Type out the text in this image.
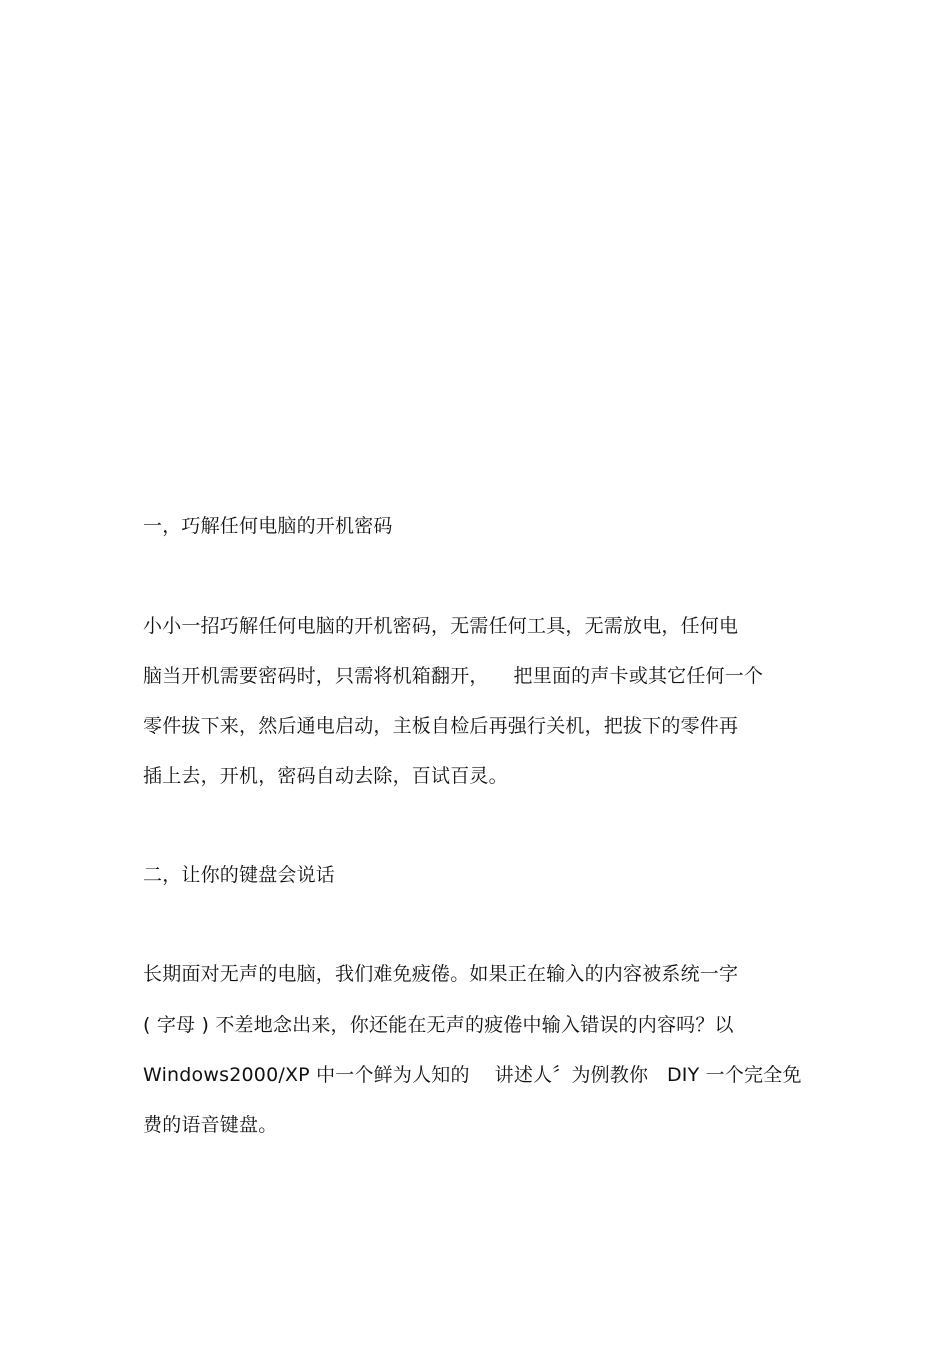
一，巧解任何电脑的开机密码
小小一招巧解任何电脑的开机密码，无需任何工具，无需放电，任何电
脑当开机需要密码时，只需将机箱翻开，    把里面的声卡或其它任何一个
零件拔下来，然后通电启动，主板自检后再强行关机，把拔下的零件再
插上去，开机，密码自动去除，百试百灵。
二，让你的键盘会说话
长期面对无声的电脑，我们难免疲倦。如果正在输入的内容被系统一字
( 字母 ) 不差地念出来，你还能在无声的疲倦中输入错误的内容吗？以
Windows2000/XP 中一个鲜为人知的    讲述人〞为例教你   DIY 一个完全免
费的语音键盘。
